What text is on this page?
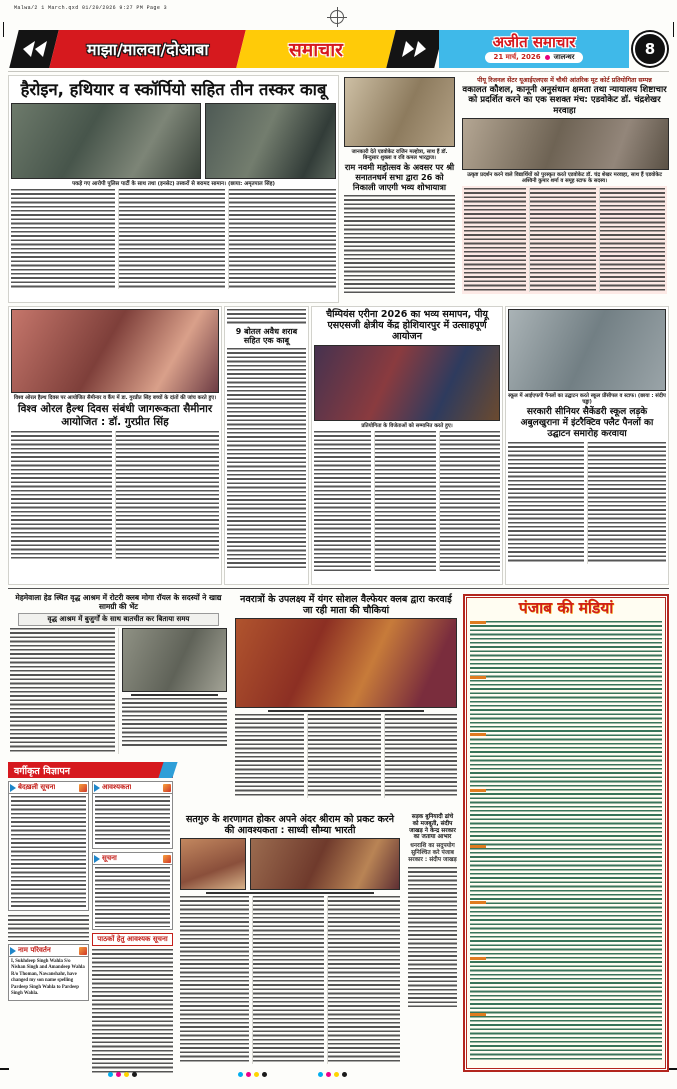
Malwa/2 1 March.qxd 01/20/2026 9:27 PM Page 3
माझा/मालवा/दोआबा	समाचार	अजीत समाचार
21 मार्च, 2026 जालन्धर	8
हैरोइन, हथियार व स्कॉर्पियो सहित तीन तस्कर काबू
पकड़े गए आरोपी पुलिस पार्टी के साथ तथा (इनसेट) तस्करों से बरामद सामान। (छाया: अमृतपाल सिंह)
जानकारी देते एडवोकेट राजिन मल्होत्रा, साथ हैं डॉ. बिन्दुसार शुक्ला व रवि कमल भारद्वाज।
राम नवमी महोत्सव के अवसर पर श्री सनातनधर्म सभा द्वारा 26 को निकाली जाएगी भव्य शोभायात्रा
पीयू रिजनल सेंटर यूआईएलएस में चौथी आंतरिक मूट कोर्ट प्रतियोगिता सम्पन्न
वकालत कौशल, कानूनी अनुसंधान क्षमता तथा न्यायालय शिष्टाचार को प्रदर्शित करने का एक सशक्त मंच: एडवोकेट डॉ. चंद्रशेखर मरवाहा
उत्कृष्ट प्रदर्शन करने वाले विद्यार्थियों को पुरस्कृत करते एडवोकेट डॉ. चंद्र शेखर मरवाहा, साथ हैं एडवोकेट अश्विनी कुमार शर्मा व समूह स्टाफ के सदस्य।
विश्व ओरल हैल्थ दिवस पर आयोजित सैमीनार व कैंप में डा. गुरप्रीत सिंह बच्चों के दांतों की जांच करते हुए।
विश्व ओरल हैल्थ दिवस संबंधी जागरूकता सैमीनार आयोजित : डॉ. गुरप्रीत सिंह
9 बोतल अवैध शराब सहित एक काबू
चैम्पियंस एरीना 2026 का भव्य समापन, पीयू एसएसजी क्षेत्रीय केंद्र होशियारपुर में उत्साहपूर्ण आयोजन
प्रतियोगिता के विजेताओं को सम्मानित करते हुए।
स्कूल में आईएफपी पैनलों का उद्घाटन करते स्कूल प्रींसीपल व स्टाफ। (छाया : संदीप चड्ढा)
सरकारी सीनियर सैकेंडरी स्कूल लड़के अबुलखुराना में इंटरैक्टिव फ्लैट पैनलों का उद्घाटन समारोह करवाया
मेहमेवाला हेड स्थित वृद्ध आश्रम में रोटरी क्लब मोगा रॉयल के सदस्यों ने खाद्य सामग्री की भेंट
वृद्ध आश्रम में बुजुर्गों के साथ बातचीत कर बिताया समय
नवरात्रों के उपलक्ष्य में यंगर सोशल वैल्फेयर क्लब द्वारा करवाई जा रही माता की चौकियां
सतगुरु के शरणागत होकर अपने अंदर श्रीराम को प्रकट करने की आवश्यकता : साध्वी सौम्या भारती
सड़क बुनियादी ढांचे को मजबूती, संदीप जाखड़ ने केन्द्र सरकार का जताया आभार
धनराशि का सदुपयोग सुनिश्चित करे पंजाब सरकार : संदीप जाखड़
वर्गीकृत विज्ञापन
बेदख़ली सूचना
नाम परिवर्तन
I, Sukhdeep Singh Wahla S/o Nishan Singh and Amandeep Wahla R/o Thoman, Nawanshahr, have changed my son name spelling Pardeep Singh Wahla to Pardeep Singh Wahla.
आवश्यकता
सूचना
पाठकों हेतु आवश्यक सूचना
पंजाब की मंडियां
